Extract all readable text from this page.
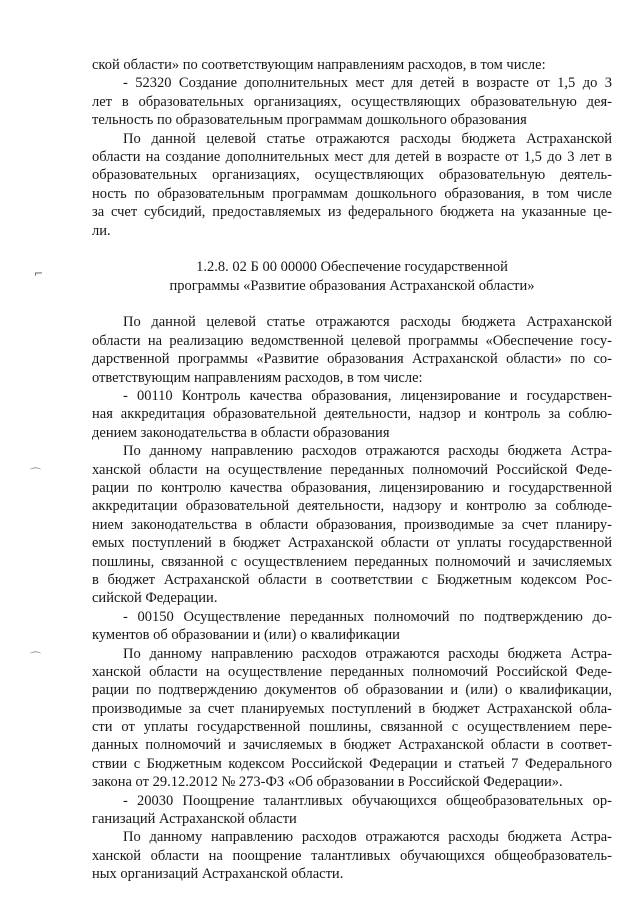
ской области» по соответствующим направлениям расходов, в том числе:
- 52320 Создание дополнительных мест для детей в возрасте от 1,5 до 3
лет в образовательных организациях, осуществляющих образовательную дея-
тельность по образовательным программам дошкольного образования
По данной целевой статье отражаются расходы бюджета Астраханской
области на создание дополнительных мест для детей в возрасте от 1,5 до 3 лет в
образовательных организациях, осуществляющих образовательную деятель-
ность по образовательным программам дошкольного образования, в том числе
за счет субсидий, предоставляемых из федерального бюджета на указанные це-
ли.
1.2.8. 02 Б 00 00000 Обеспечение государственной
программы «Развитие образования Астраханской области»
По данной целевой статье отражаются расходы бюджета Астраханской
области на реализацию ведомственной целевой программы «Обеспечение госу-
дарственной программы «Развитие образования Астраханской области» по со-
ответствующим направлениям расходов, в том числе:
- 00110 Контроль качества образования, лицензирование и государствен-
ная аккредитация образовательной деятельности, надзор и контроль за соблю-
дением законодательства в области образования
По данному направлению расходов отражаются расходы бюджета Астра-
ханской области на осуществление переданных полномочий Российской Феде-
рации по контролю качества образования, лицензированию и государственной
аккредитации образовательной деятельности, надзору и контролю за соблюде-
нием законодательства в области образования, производимые за счет планиру-
емых поступлений в бюджет Астраханской области от уплаты государственной
пошлины, связанной с осуществлением переданных полномочий и зачисляемых
в бюджет Астраханской области в соответствии с Бюджетным кодексом Рос-
сийской Федерации.
- 00150 Осуществление переданных полномочий по подтверждению до-
кументов об образовании и (или) о квалификации
По данному направлению расходов отражаются расходы бюджета Астра-
ханской области на осуществление переданных полномочий Российской Феде-
рации по подтверждению документов об образовании и (или) о квалификации,
производимые за счет планируемых поступлений в бюджет Астраханской обла-
сти от уплаты государственной пошлины, связанной с осуществлением пере-
данных полномочий и зачисляемых в бюджет Астраханской области в соответ-
ствии с Бюджетным кодексом Российской Федерации и статьей 7 Федерального
закона от 29.12.2012 № 273-ФЗ «Об образовании в Российской Федерации».
- 20030 Поощрение талантливых обучающихся общеобразовательных ор-
ганизаций Астраханской области
По данному направлению расходов отражаются расходы бюджета Астра-
ханской области на поощрение талантливых обучающихся общеобразователь-
ных организаций Астраханской области.
⌐
⌒
⌒
